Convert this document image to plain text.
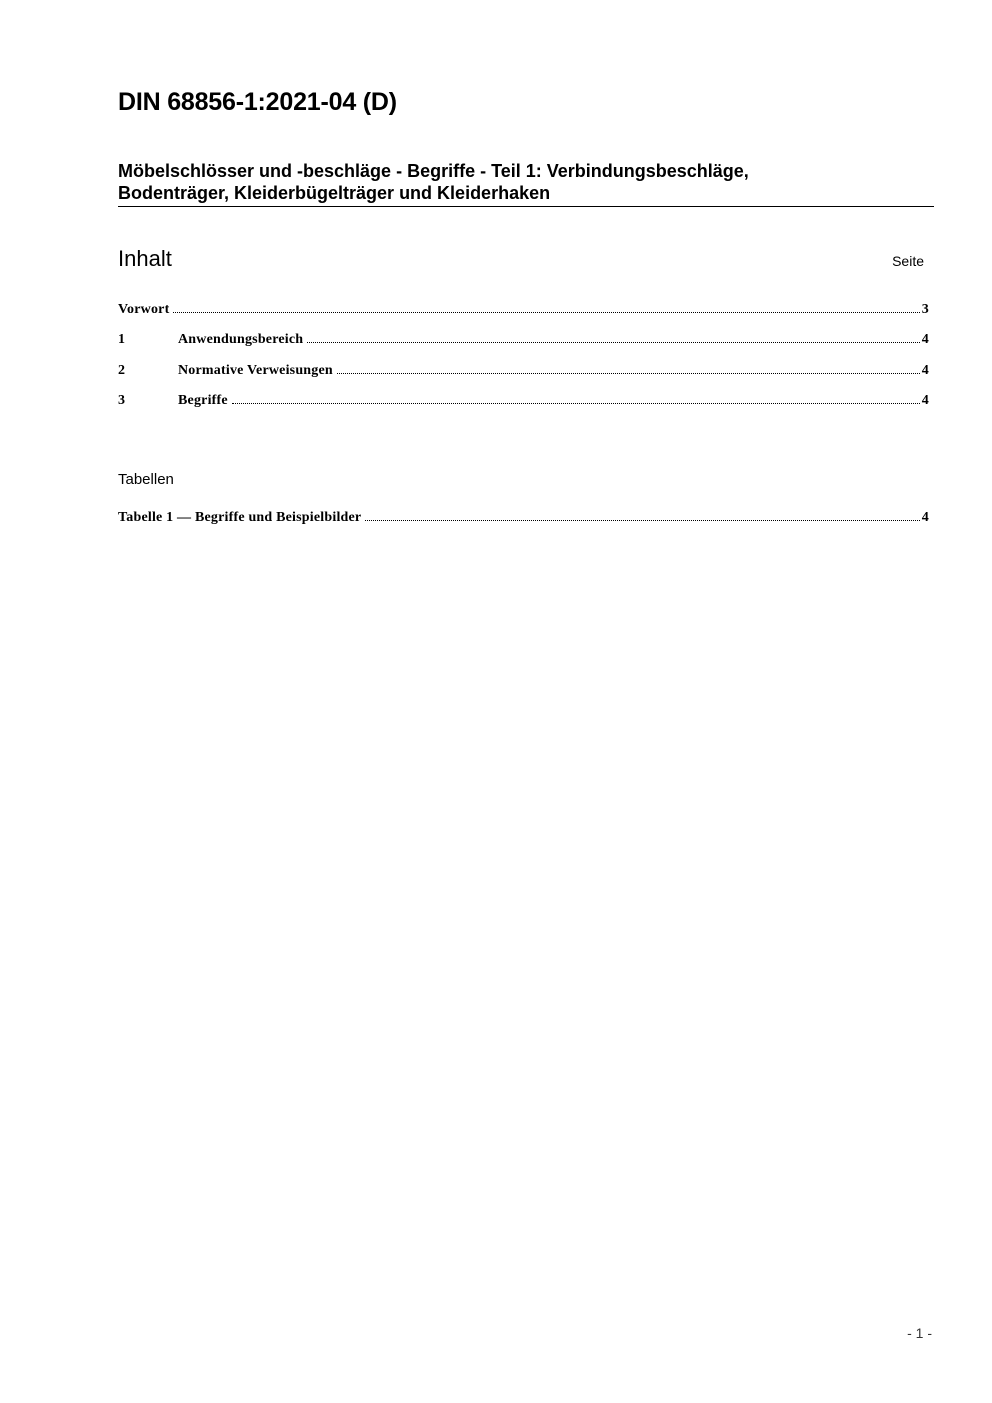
DIN 68856-1:2021-04 (D)
Möbelschlösser und -beschläge - Begriffe - Teil 1: Verbindungsbeschläge,
Bodenträger, Kleiderbügelträger und Kleiderhaken
Inhalt	Seite
Vorwort	3
1	Anwendungsbereich	4
2	Normative Verweisungen	4
3	Begriffe	4
Tabellen
Tabelle 1 — Begriffe und Beispielbilder	4
- 1 -
